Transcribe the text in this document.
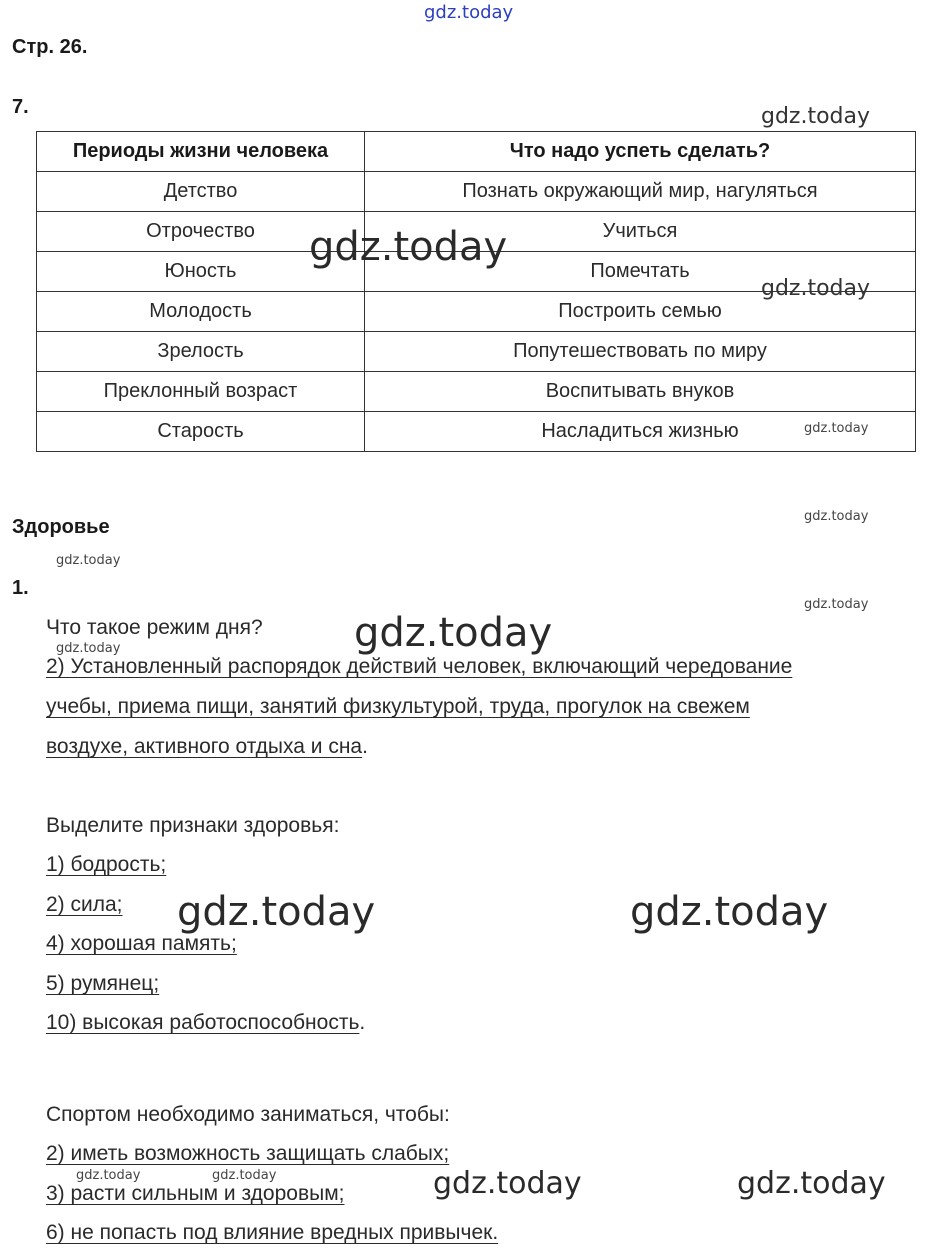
gdz.today
Стр. 26.
7.	gdz.today
Периоды жизни человека	Что надо успеть сделать?
Детство	Познать окружающий мир, нагуляться
Отрочество	Учиться
Юность	Помечтать
Молодость	Построить семью
Зрелость	Попутешествовать по миру
Преклонный возраст	Воспитывать внуков
Старость	Насладиться жизнью
gdz.today
gdz.today
gdz.today
Здоровье	gdz.today
gdz.today
1.
gdz.today
Что такое режим дня?
gdz.today	gdz.today
2) Установленный распорядок действий человек, включающий чередование
учебы, приема пищи, занятий физкультурой, труда, прогулок на свежем
воздухе, активного отдыха и сна.
Выделите признаки здоровья:
1) бодрость;
2) сила;
4) хорошая память;
5) румянец;
10) высокая работоспособность.
gdz.today	gdz.today
Спортом необходимо заниматься, чтобы:
2) иметь возможность защищать слабых;
gdz.today	gdz.today
3) расти сильным и здоровым;	gdz.today	gdz.today
6) не попасть под влияние вредных привычек.
